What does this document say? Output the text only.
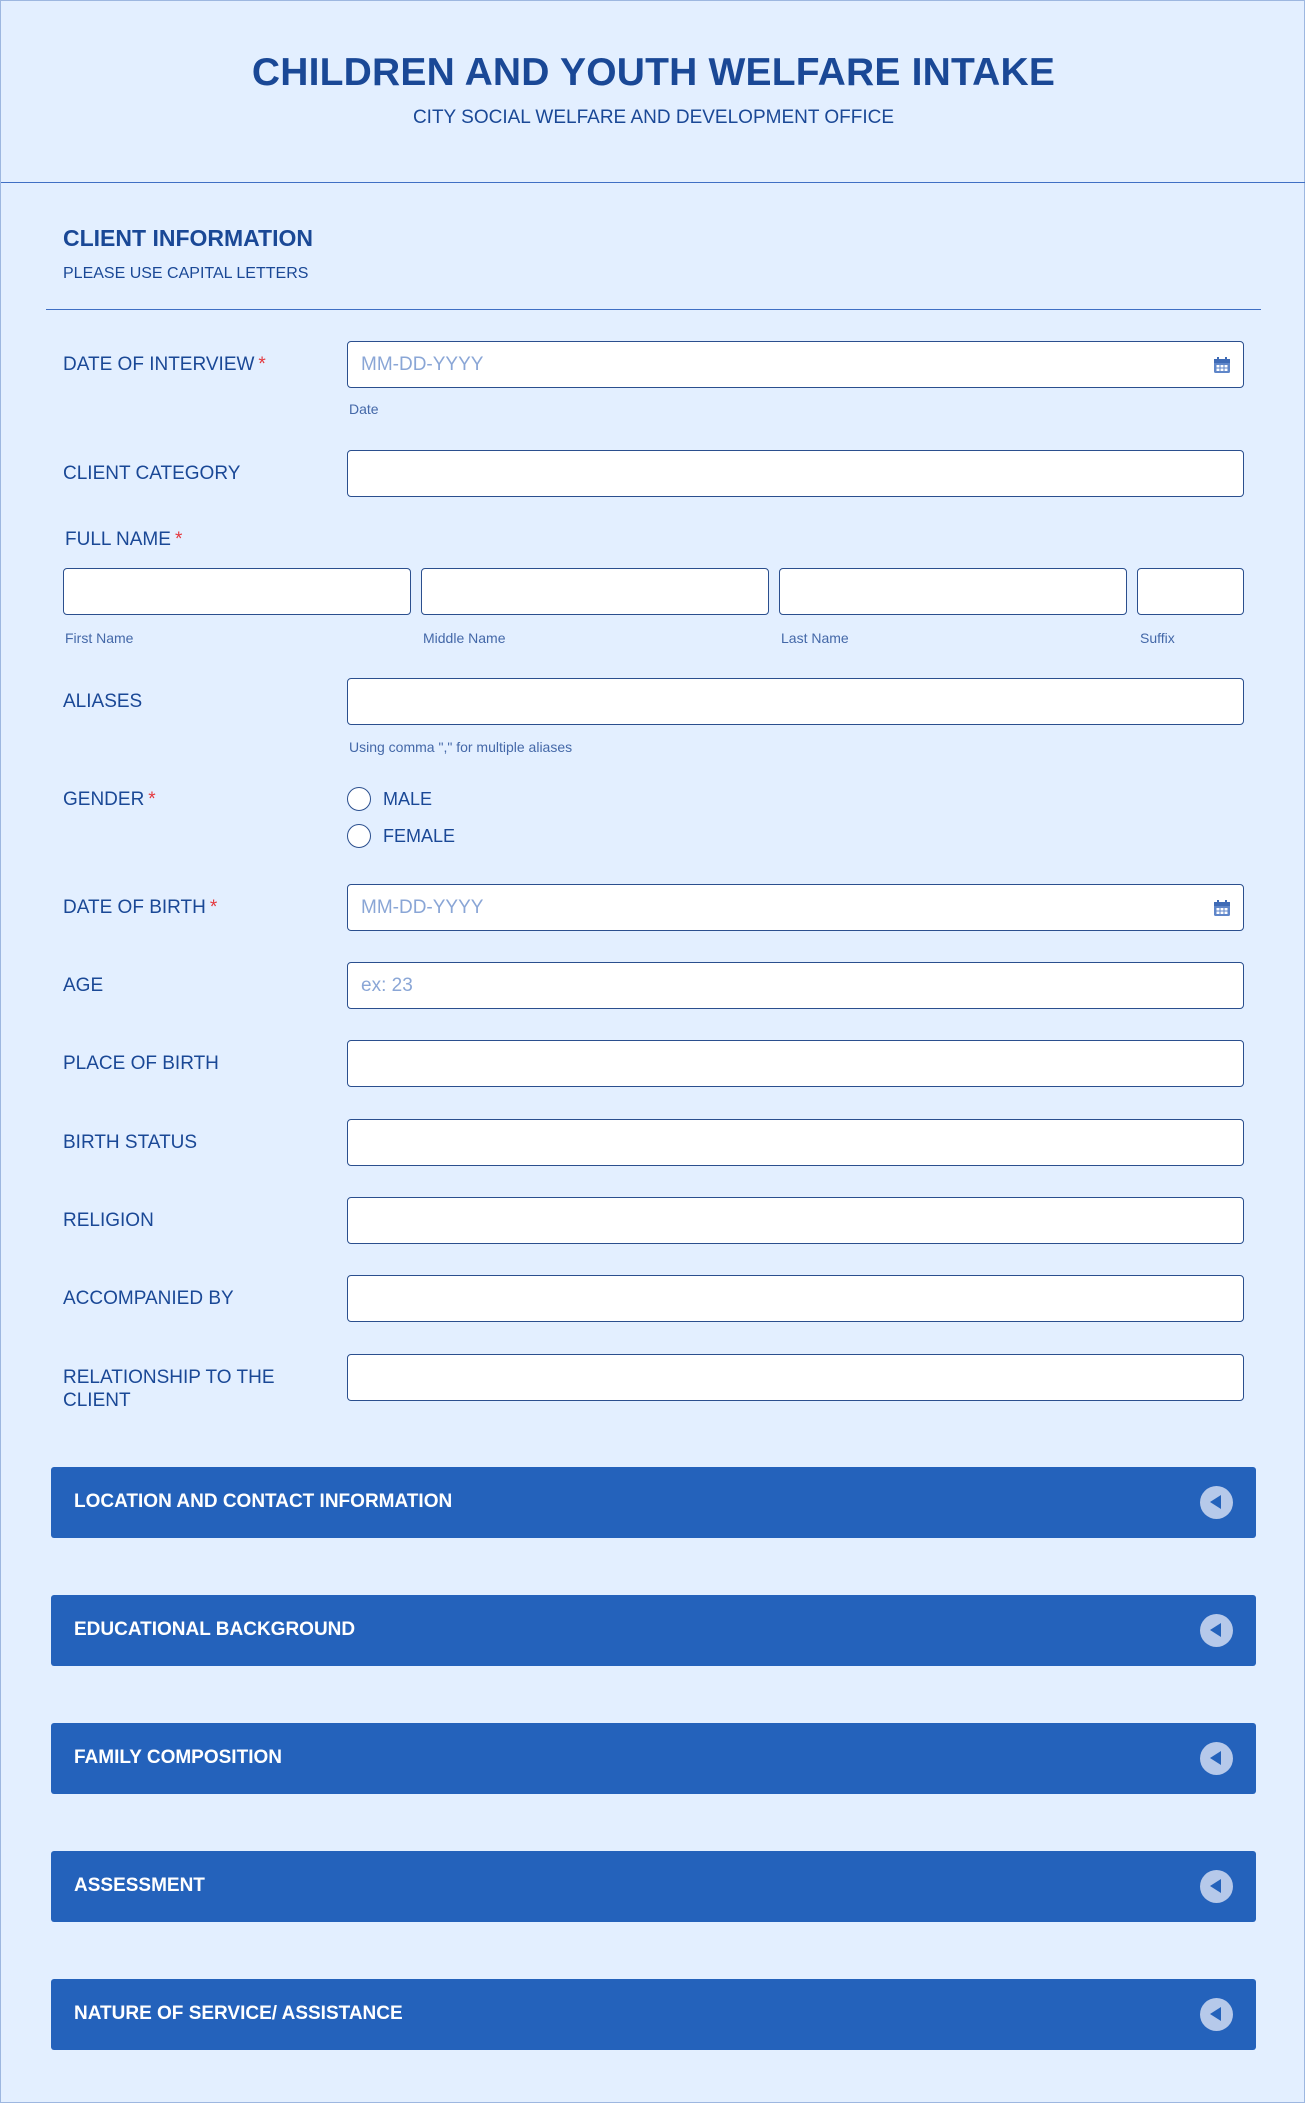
CHILDREN AND YOUTH WELFARE INTAKE
CITY SOCIAL WELFARE AND DEVELOPMENT OFFICE
CLIENT INFORMATION
PLEASE USE CAPITAL LETTERS
DATE OF INTERVIEW *
MM-DD-YYYY
Date
CLIENT CATEGORY
FULL NAME *
First Name	Middle Name	Last Name	Suffix
ALIASES
Using comma "," for multiple aliases
GENDER *	MALE
FEMALE
DATE OF BIRTH *
MM-DD-YYYY
AGE
ex: 23
PLACE OF BIRTH
BIRTH STATUS
RELIGION
ACCOMPANIED BY
RELATIONSHIP TO THE CLIENT
LOCATION AND CONTACT INFORMATION
EDUCATIONAL BACKGROUND
FAMILY COMPOSITION
ASSESSMENT
NATURE OF SERVICE/ ASSISTANCE
